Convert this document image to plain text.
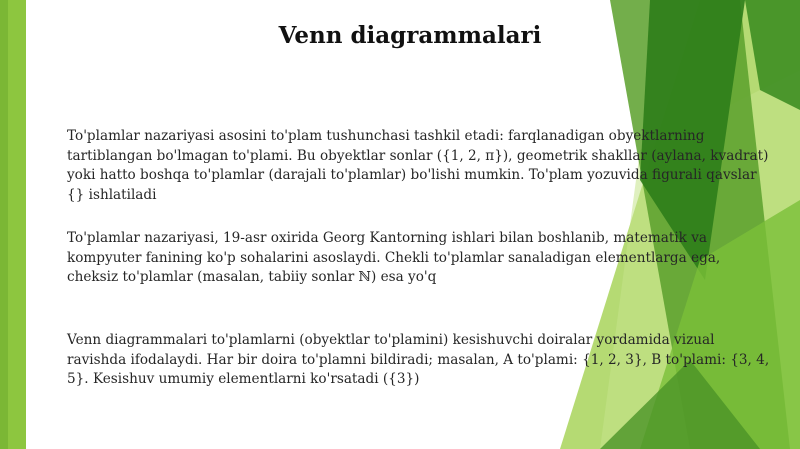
Venn diagrammalari

To'plamlar nazariyasi asosini to'plam tushunchasi tashkil etadi: farqlanadigan obyektlarning tartiblangan bo'lmagan to'plami. Bu obyektlar sonlar ({1, 2, π}), geometrik shakllar (aylana, kvadrat) yoki hatto boshqa to'plamlar (darajali to'plamlar) bo'lishi mumkin. To'plam yozuvida figurali qavslar {} ishlatiladi

To'plamlar nazariyasi, 19-asr oxirida Georg Kantorning ishlari bilan boshlanib, matematik va kompyuter fanining ko'p sohalarini asoslaydi. Chekli to'plamlar sanaladigan elementlarga ega, cheksiz to'plamlar (masalan, tabiiy sonlar ℕ) esa yo'q

Venn diagrammalari to'plamlarni (obyektlar to'plamini) kesishuvchi doiralar yordamida vizual ravishda ifodalaydi. Har bir doira to'plamni bildiradi; masalan, A to'plami: {1, 2, 3}, B to'plami: {3, 4, 5}. Kesishuv umumiy elementlarni ko'rsatadi ({3})
